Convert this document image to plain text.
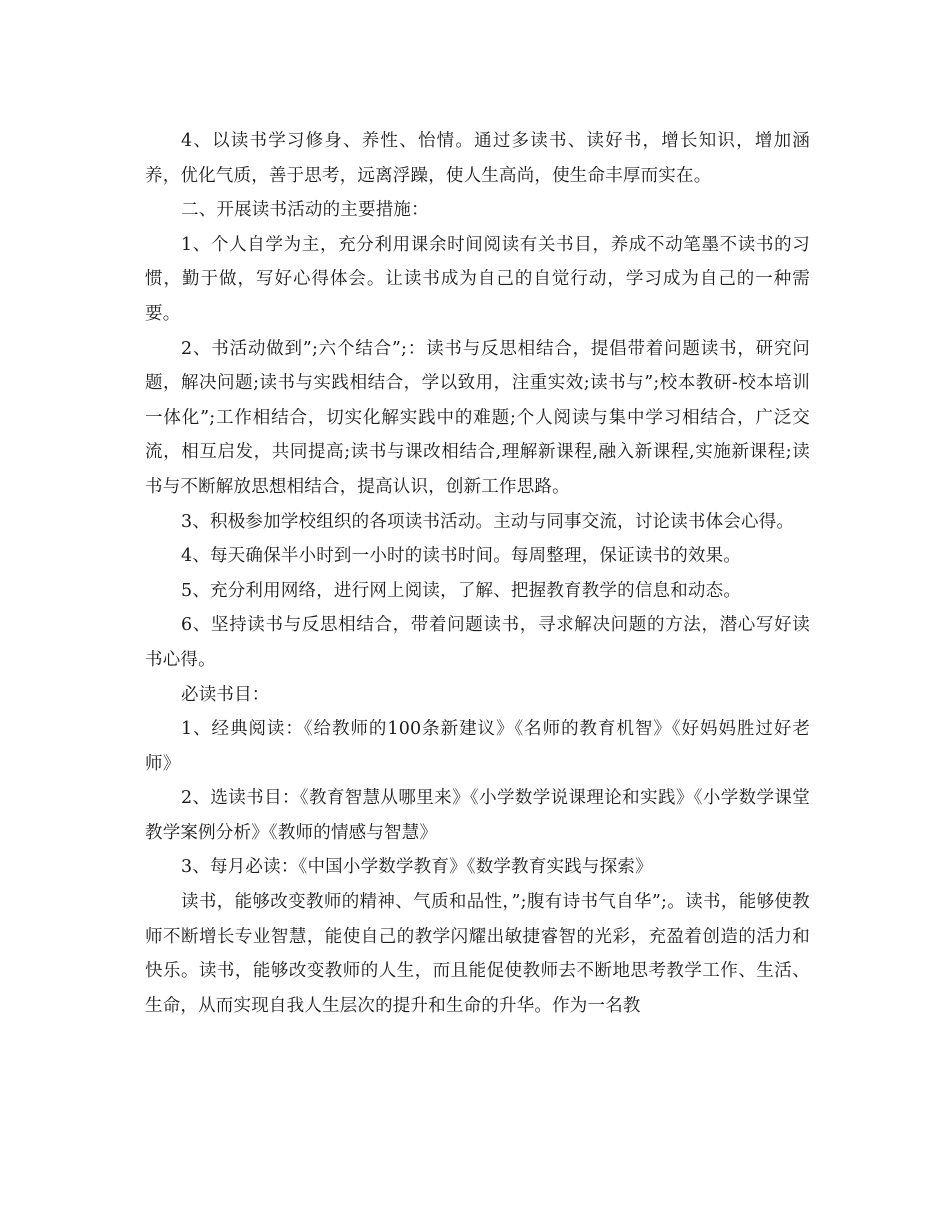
4、以读书学习修身、养性、怡情。通过多读书、读好书，增长知识，增加涵养，优化气质，善于思考，远离浮躁，使人生高尚，使生命丰厚而实在。

二、开展读书活动的主要措施：

1、个人自学为主，充分利用课余时间阅读有关书目，养成不动笔墨不读书的习惯，勤于做，写好心得体会。让读书成为自己的自觉行动，学习成为自己的一种需要。

2、书活动做到”;六个结合”;：读书与反思相结合，提倡带着问题读书，研究问题，解决问题;读书与实践相结合，学以致用，注重实效;读书与”;校本教研-校本培训一体化”;工作相结合，切实化解实践中的难题;个人阅读与集中学习相结合，广泛交流，相互启发，共同提高;读书与课改相结合,理解新课程,融入新课程,实施新课程;读书与不断解放思想相结合，提高认识，创新工作思路。

3、积极参加学校组织的各项读书活动。主动与同事交流，讨论读书体会心得。

4、每天确保半小时到一小时的读书时间。每周整理，保证读书的效果。

5、充分利用网络，进行网上阅读，了解、把握教育教学的信息和动态。

6、坚持读书与反思相结合，带着问题读书，寻求解决问题的方法，潜心写好读书心得。

必读书目：

1、经典阅读：《给教师的100条新建议》《名师的教育机智》《好妈妈胜过好老师》

2、选读书目：《教育智慧从哪里来》《小学数学说课理论和实践》《小学数学课堂教学案例分析》《教师的情感与智慧》

3、每月必读：《中国小学数学教育》《数学教育实践与探索》

读书，能够改变教师的精神、气质和品性，”;腹有诗书气自华”;。读书，能够使教师不断增长专业智慧，能使自己的教学闪耀出敏捷睿智的光彩，充盈着创造的活力和快乐。读书，能够改变教师的人生，而且能促使教师去不断地思考教学工作、生活、生命，从而实现自我人生层次的提升和生命的升华。作为一名教
